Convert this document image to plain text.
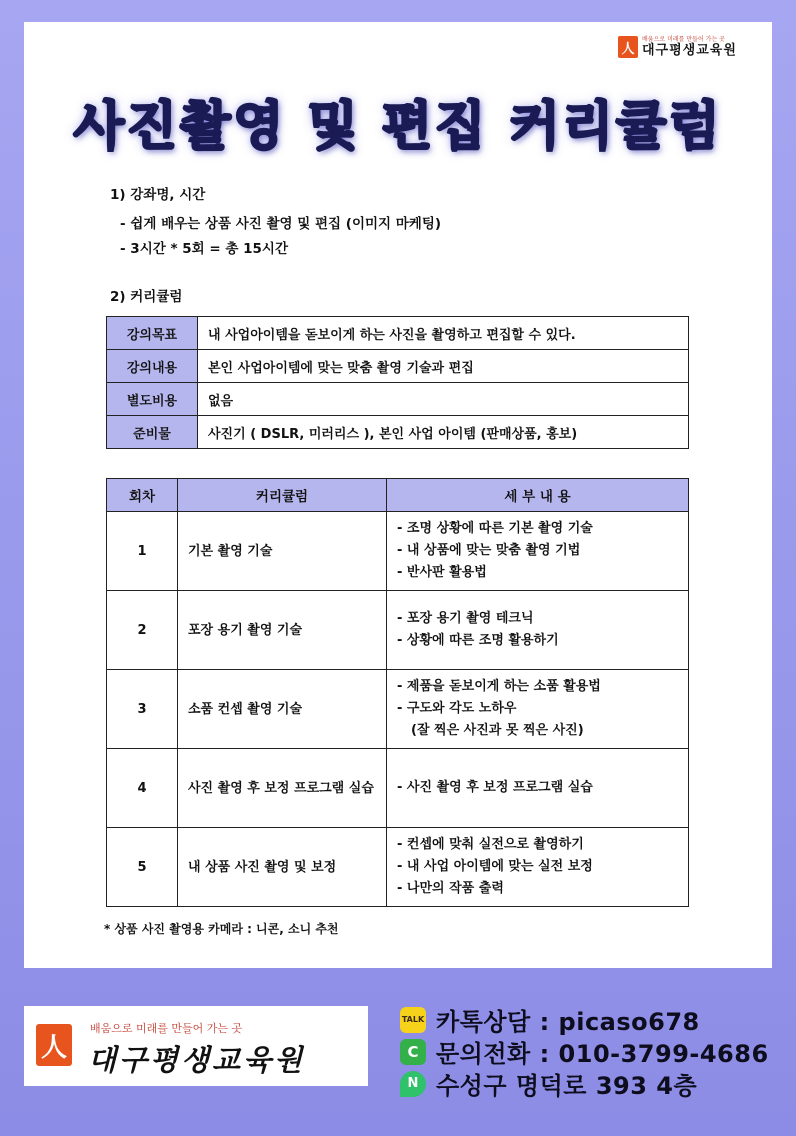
人
배움으로 미래를 만들어 가는 곳
대구평생교육원
사진촬영 및 편집 커리큘럼
1) 강좌명, 시간
- 쉽게 배우는 상품 사진 촬영 및 편집 (이미지 마케팅)
- 3시간 * 5회 = 총 15시간
2) 커리큘럼
강의목표	내 사업아이템을 돋보이게 하는 사진을 촬영하고 편집할 수 있다.
강의내용	본인 사업아이템에 맞는 맞춤 촬영 기술과 편집
별도비용	없음
준비물	사진기 ( DSLR, 미러리스 ), 본인 사업 아이템 (판매상품, 홍보)
회차	커리큘럼	세 부 내 용
1	기본 촬영 기술	- 조명 상황에 따른 기본 촬영 기술
- 내 상품에 맞는 맞춤 촬영 기법
- 반사판 활용법

2	포장 용기 촬영 기술	- 포장 용기 촬영 테크닉
- 상황에 따른 조명 활용하기

3	소품 컨셉 촬영 기술	- 제품을 돋보이게 하는 소품 활용법
- 구도와 각도 노하우
(잘 찍은 사진과 못 찍은 사진)

4	사진 촬영 후 보정 프로그램 실습	- 사진 촬영 후 보정 프로그램 실습

5	내 상품 사진 촬영 및 보정	- 컨셉에 맞춰 실전으로 촬영하기
- 내 사업 아이템에 맞는 실전 보정
- 나만의 작품 출력
* 상품 사진 촬영용 카메라 : 니콘, 소니 추천
人
배움으로 미래를 만들어 가는 곳
대구평생교육원
TALK 카톡상담 : picaso678
C 문의전화 : 010-3799-4686
N 수성구 명덕로 393 4층
